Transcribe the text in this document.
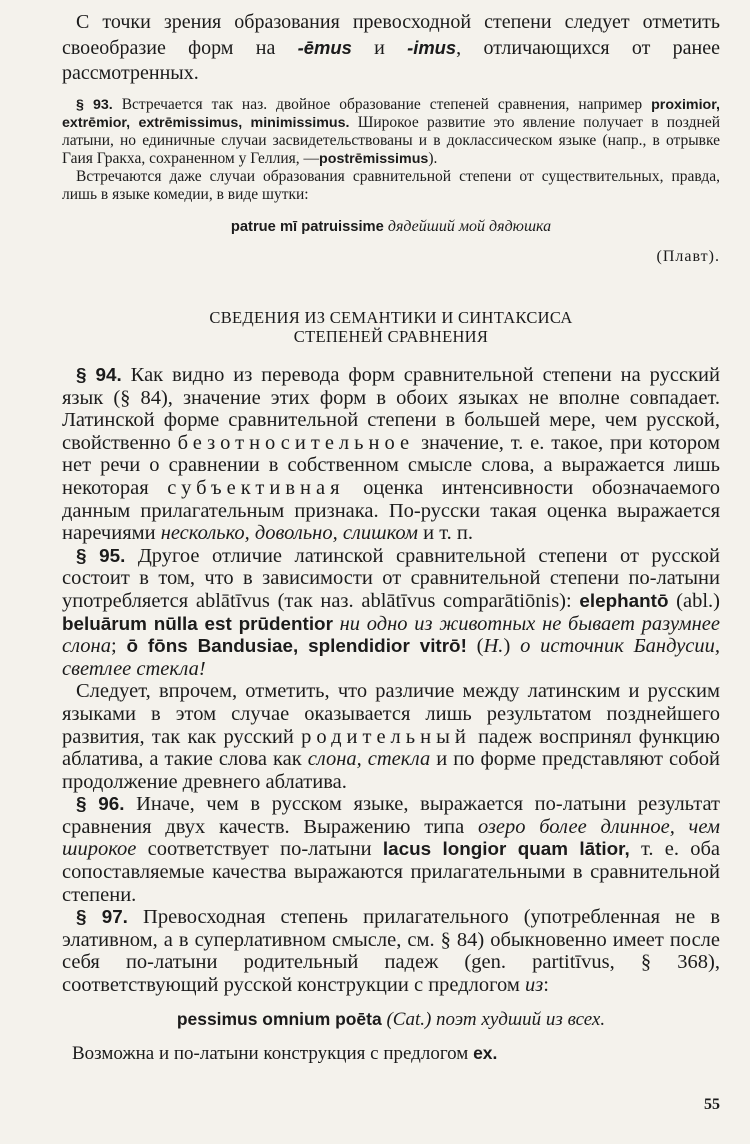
С точки зрения образования превосходной степени следует отметить своеобразие форм на -ēmus и -imus, отличающихся от ранее рассмотренных.

§ 93. Встречается так наз. двойное образование степеней сравнения, например proximior, extrēmior, extrēmissimus, minimissimus. Широкое развитие это явление получает в поздней латыни, но единичные случаи засвидетельствованы и в доклассическом языке (напр., в отрывке Гаия Гракха, сохраненном у Геллия, —postrēmissimus).

Встречаются даже случаи образования сравнительной степени от существительных, правда, лишь в языке комедии, в виде шутки:

patrue mī patruissime дядейший мой дядюшка

(Плавт).

СВЕДЕНИЯ ИЗ СЕМАНТИКИ И СИНТАКСИСА
СТЕПЕНЕЙ СРАВНЕНИЯ

§ 94. Как видно из перевода форм сравнительной степени на русский язык (§ 84), значение этих форм в обоих языках не вполне совпадает. Латинской форме сравнительной степени в большей мере, чем русской, свойственно безотносительное значение, т. е. такое, при котором нет речи о сравнении в собственном смысле слова, а выражается лишь некоторая субъективная оценка интенсивности обозначаемого данным прилагательным признака. По-русски такая оценка выражается наречиями несколько, довольно, слишком и т. п.

§ 95. Другое отличие латинской сравнительной степени от русской состоит в том, что в зависимости от сравнительной степени по-латыни употребляется ablātīvus (так наз. ablātīvus comparātiōnis): elephantō (abl.) beluārum nūlla est prūdentior ни одно из животных не бывает разумнее слона; ō fōns Bandusiae, splendidior vitrō! (H.) о источник Бандусии, светлее стекла!

Следует, впрочем, отметить, что различие между латинским и русским языками в этом случае оказывается лишь результатом позднейшего развития, так как русский родительный падеж воспринял функцию аблатива, а такие слова как слона, стекла и по форме представляют собой продолжение древнего аблатива.

§ 96. Иначе, чем в русском языке, выражается по-латыни результат сравнения двух качеств. Выражению типа озеро более длинное, чем широкое соответствует по-латыни lacus longior quam lātior, т. е. оба сопоставляемые качества выражаются прилагательными в сравнительной степени.

§ 97. Превосходная степень прилагательного (употребленная не в элативном, а в суперлативном смысле, см. § 84) обыкновенно имеет после себя по-латыни родительный падеж (gen. partitīvus, § 368), соответствующий русской конструкции с предлогом из:

pessimus omnium poēta (Cat.) поэт худший из всех.

Возможна и по-латыни конструкция с предлогом ex.

55
